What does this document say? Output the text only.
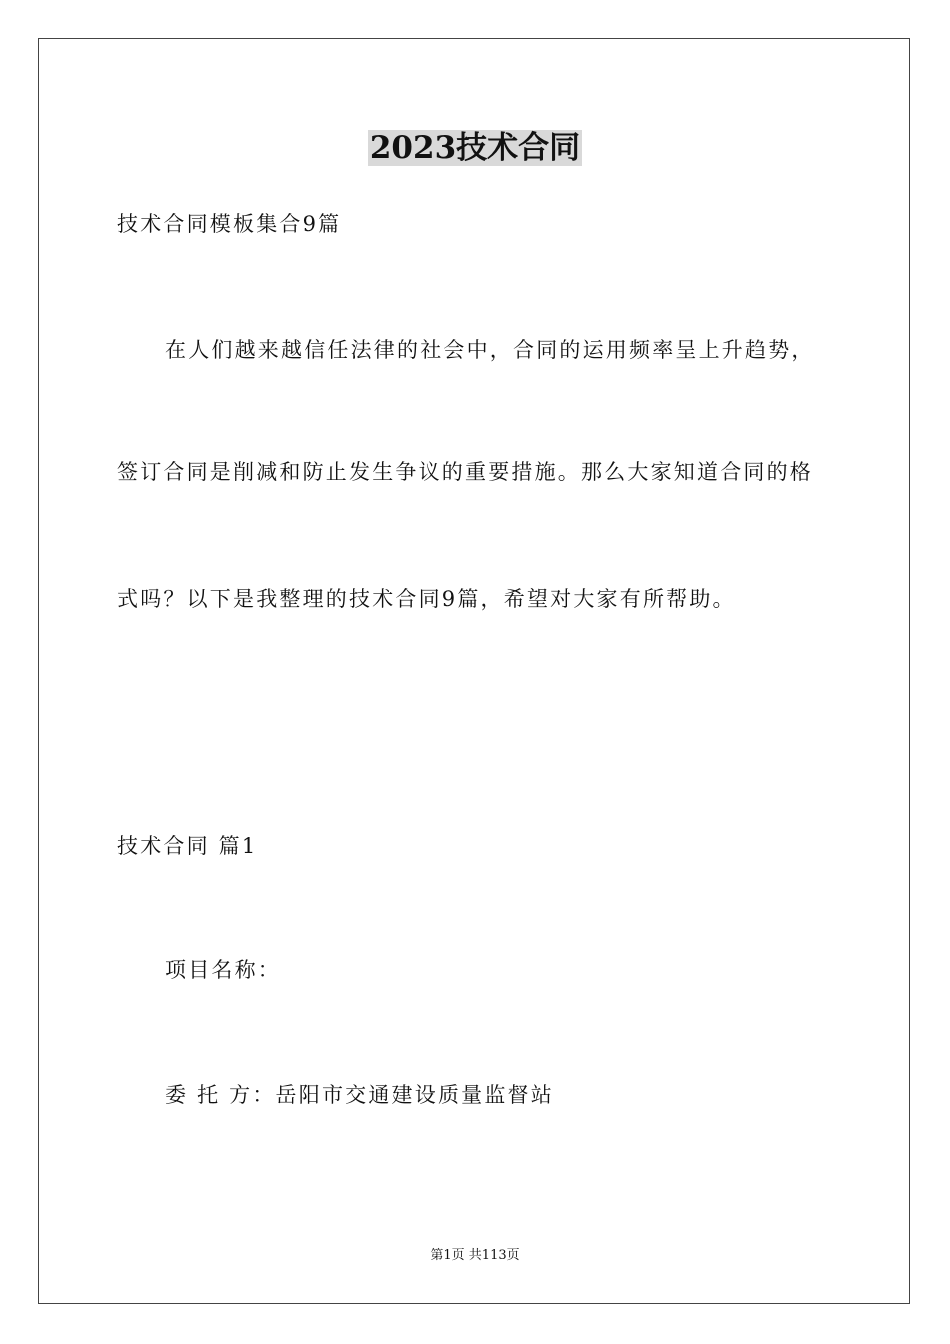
2023技术合同
技术合同模板集合9篇
在人们越来越信任法律的社会中，合同的运用频率呈上升趋势，
签订合同是削减和防止发生争议的重要措施。那么大家知道合同的格
式吗？以下是我整理的技术合同9篇，希望对大家有所帮助。
技术合同 篇1
项目名称：
委 托 方：岳阳市交通建设质量监督站
第1页 共113页
